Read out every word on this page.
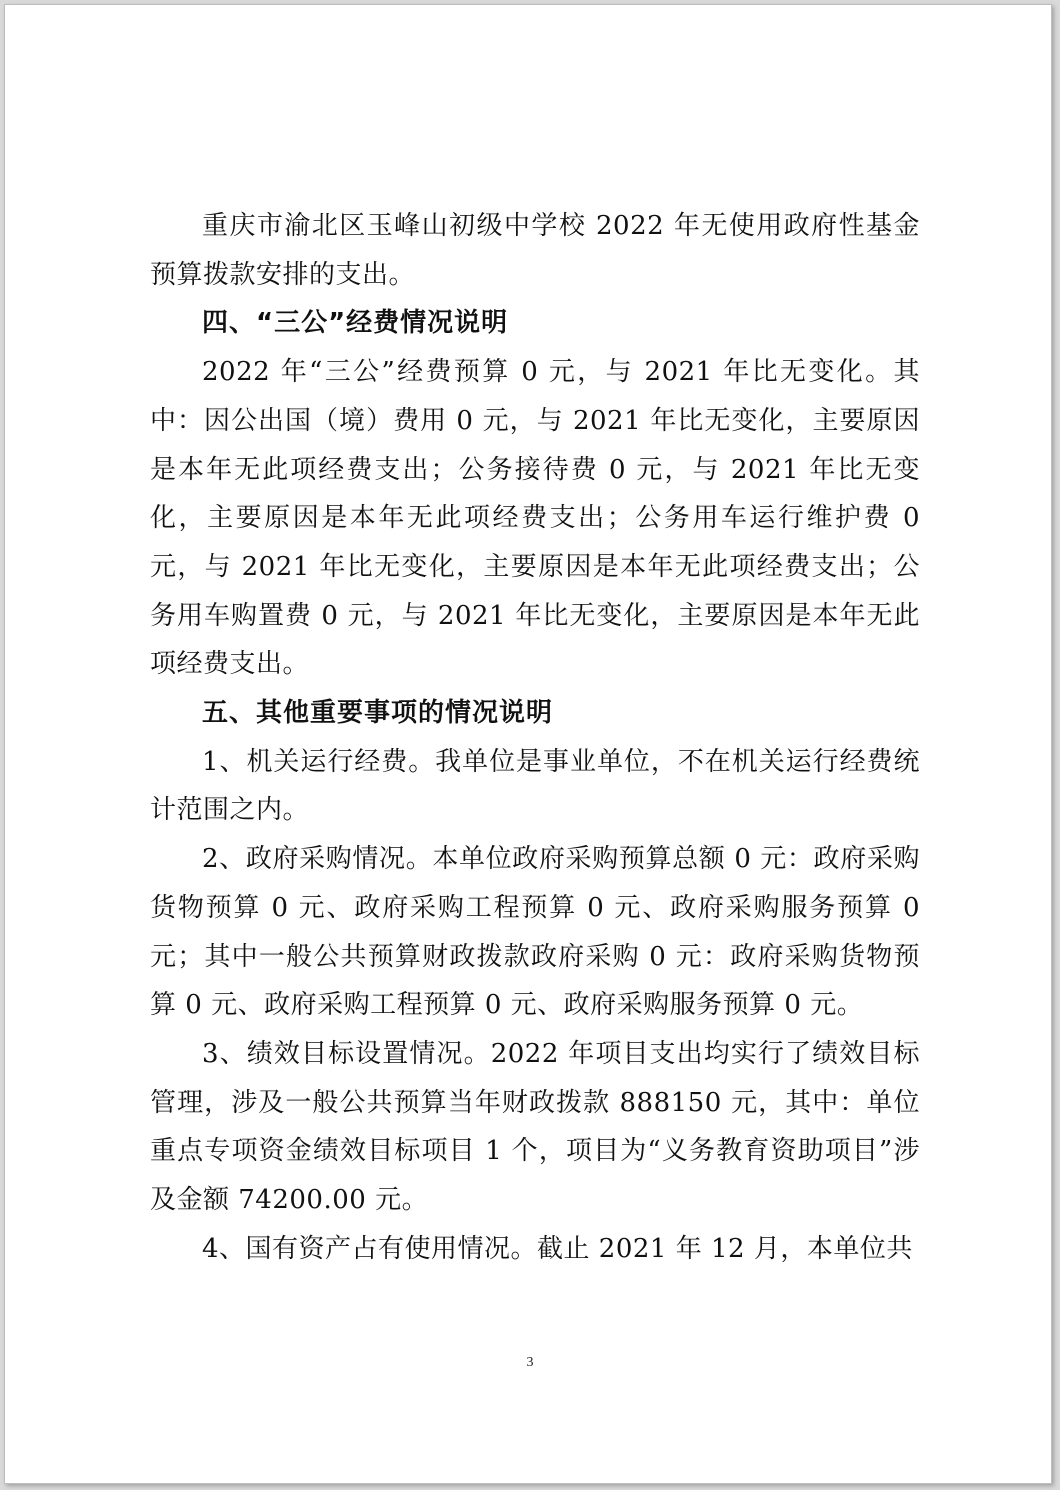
重庆市渝北区玉峰山初级中学校 2022 年无使用政府性基金预算拨款安排的支出。

四、“三公”经费情况说明

2022 年“三公”经费预算 0 元，与 2021 年比无变化。其中：因公出国（境）费用 0 元，与 2021 年比无变化，主要原因是本年无此项经费支出；公务接待费 0 元，与 2021 年比无变化，主要原因是本年无此项经费支出；公务用车运行维护费 0 元，与 2021 年比无变化，主要原因是本年无此项经费支出；公务用车购置费 0 元，与 2021 年比无变化，主要原因是本年无此项经费支出。

五、其他重要事项的情况说明

1、机关运行经费。我单位是事业单位，不在机关运行经费统计范围之内。

2、政府采购情况。本单位政府采购预算总额 0 元：政府采购货物预算 0 元、政府采购工程预算 0 元、政府采购服务预算 0 元；其中一般公共预算财政拨款政府采购 0 元：政府采购货物预算 0 元、政府采购工程预算 0 元、政府采购服务预算 0 元。

3、绩效目标设置情况。2022 年项目支出均实行了绩效目标管理，涉及一般公共预算当年财政拨款 888150 元，其中：单位重点专项资金绩效目标项目 1 个，项目为“义务教育资助项目”涉及金额 74200.00 元。

4、国有资产占有使用情况。截止 2021 年 12 月，本单位共

3
